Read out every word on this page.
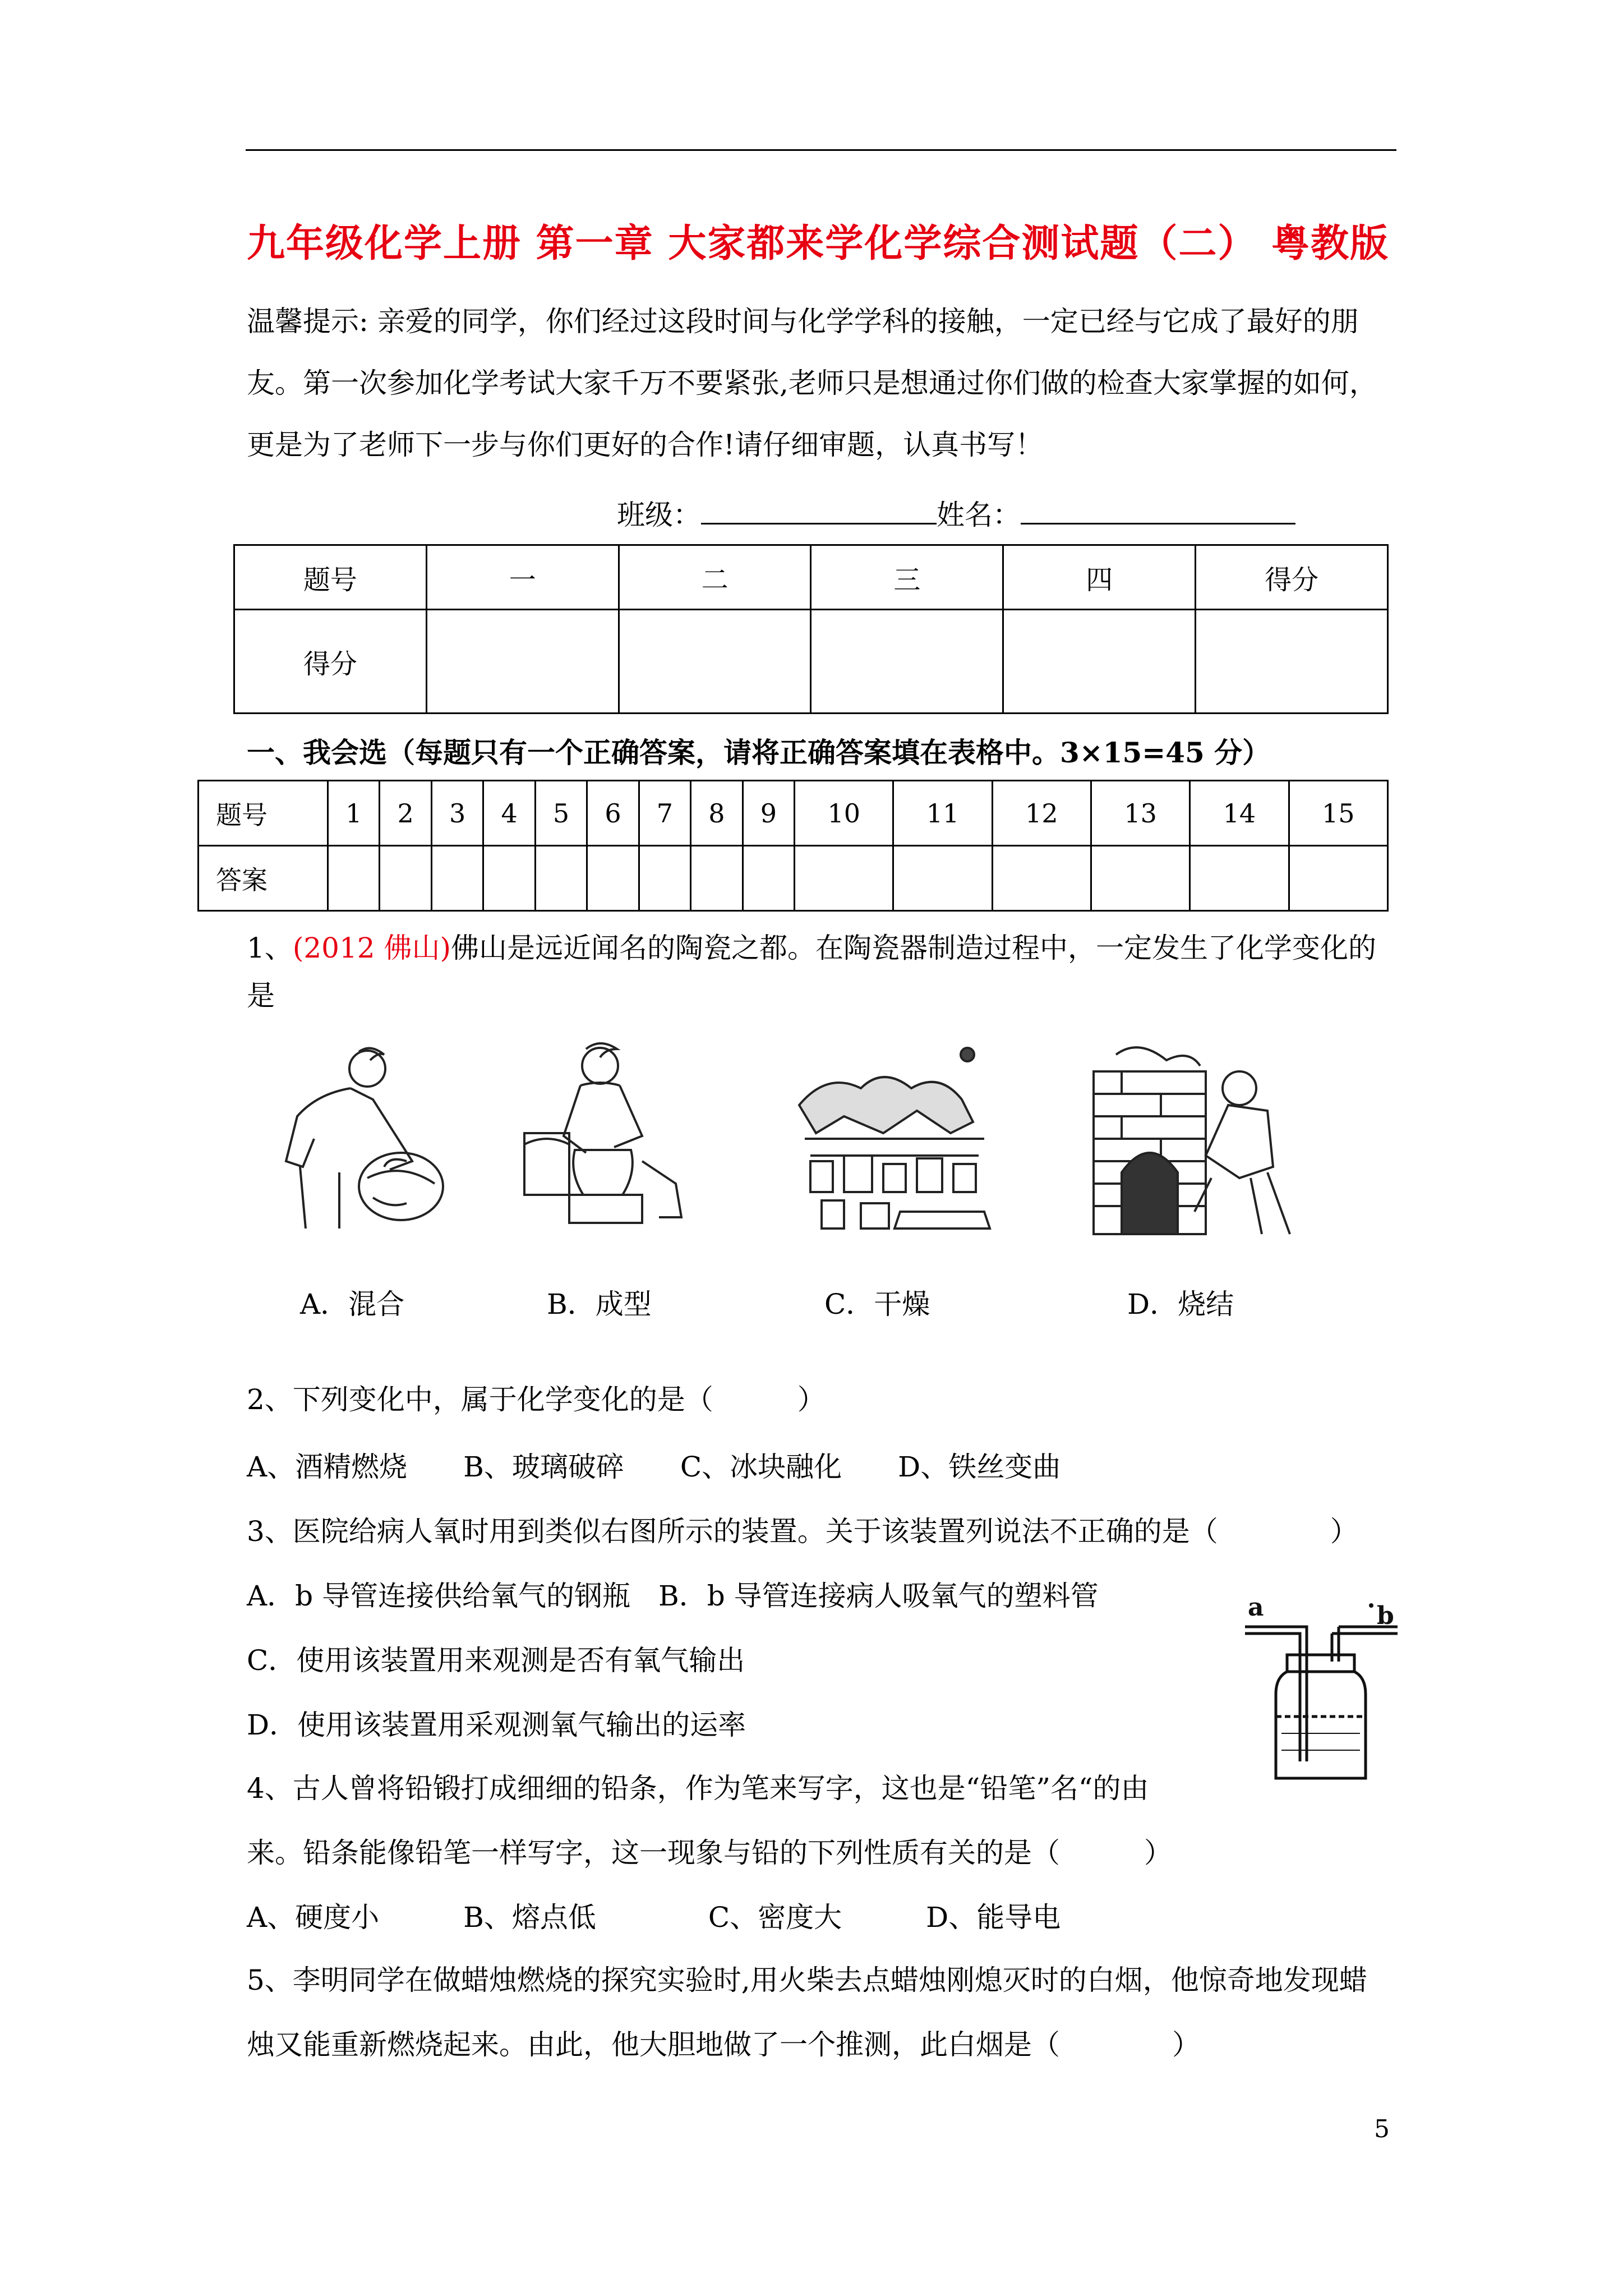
九年级化学上册 第一章 大家都来学化学综合测试题（二） 粤教版
温馨提示: 亲爱的同学，你们经过这段时间与化学学科的接触，一定已经与它成了最好的朋
友。第一次参加化学考试大家千万不要紧张,老师只是想通过你们做的检查大家掌握的如何，
更是为了老师下一步与你们更好的合作!请仔细审题，认真书写！
班级：	姓名：
题号	一	二	三	四	得分
得分					
一、我会选（每题只有一个正确答案，请将正确答案填在表格中。3×15=45 分）
题号	1	2	3	4	5	6	7	8	9	10	11	12	13	14	15
答案															
1、(2012 佛山)佛山是远近闻名的陶瓷之都。在陶瓷器制造过程中，一定发生了化学变化的
是
A．混合	B．成型	C．干燥	D．烧结
2、下列变化中，属于化学变化的是（　　　）
A、酒精燃烧　　B、玻璃破碎　　C、冰块融化　　D、铁丝变曲
3、医院给病人氧时用到类似右图所示的装置。关于该装置列说法不正确的是（　　　　）
A．b 导管连接供给氧气的钢瓶　B．b 导管连接病人吸氧气的塑料管
C．使用该装置用来观测是否有氧气输出
D．使用该装置用采观测氧气输出的运率
a	b
4、古人曾将铅锻打成细细的铅条，作为笔来写字，这也是“铅笔”名“的由
来。铅条能像铅笔一样写字，这一现象与铅的下列性质有关的是（　　　）
A、硬度小　　　B、熔点低　　　　C、密度大　　　D、能导电
5、李明同学在做蜡烛燃烧的探究实验时,用火柴去点蜡烛刚熄灭时的白烟，他惊奇地发现蜡
烛又能重新燃烧起来。由此，他大胆地做了一个推测，此白烟是（　　　　）
5
